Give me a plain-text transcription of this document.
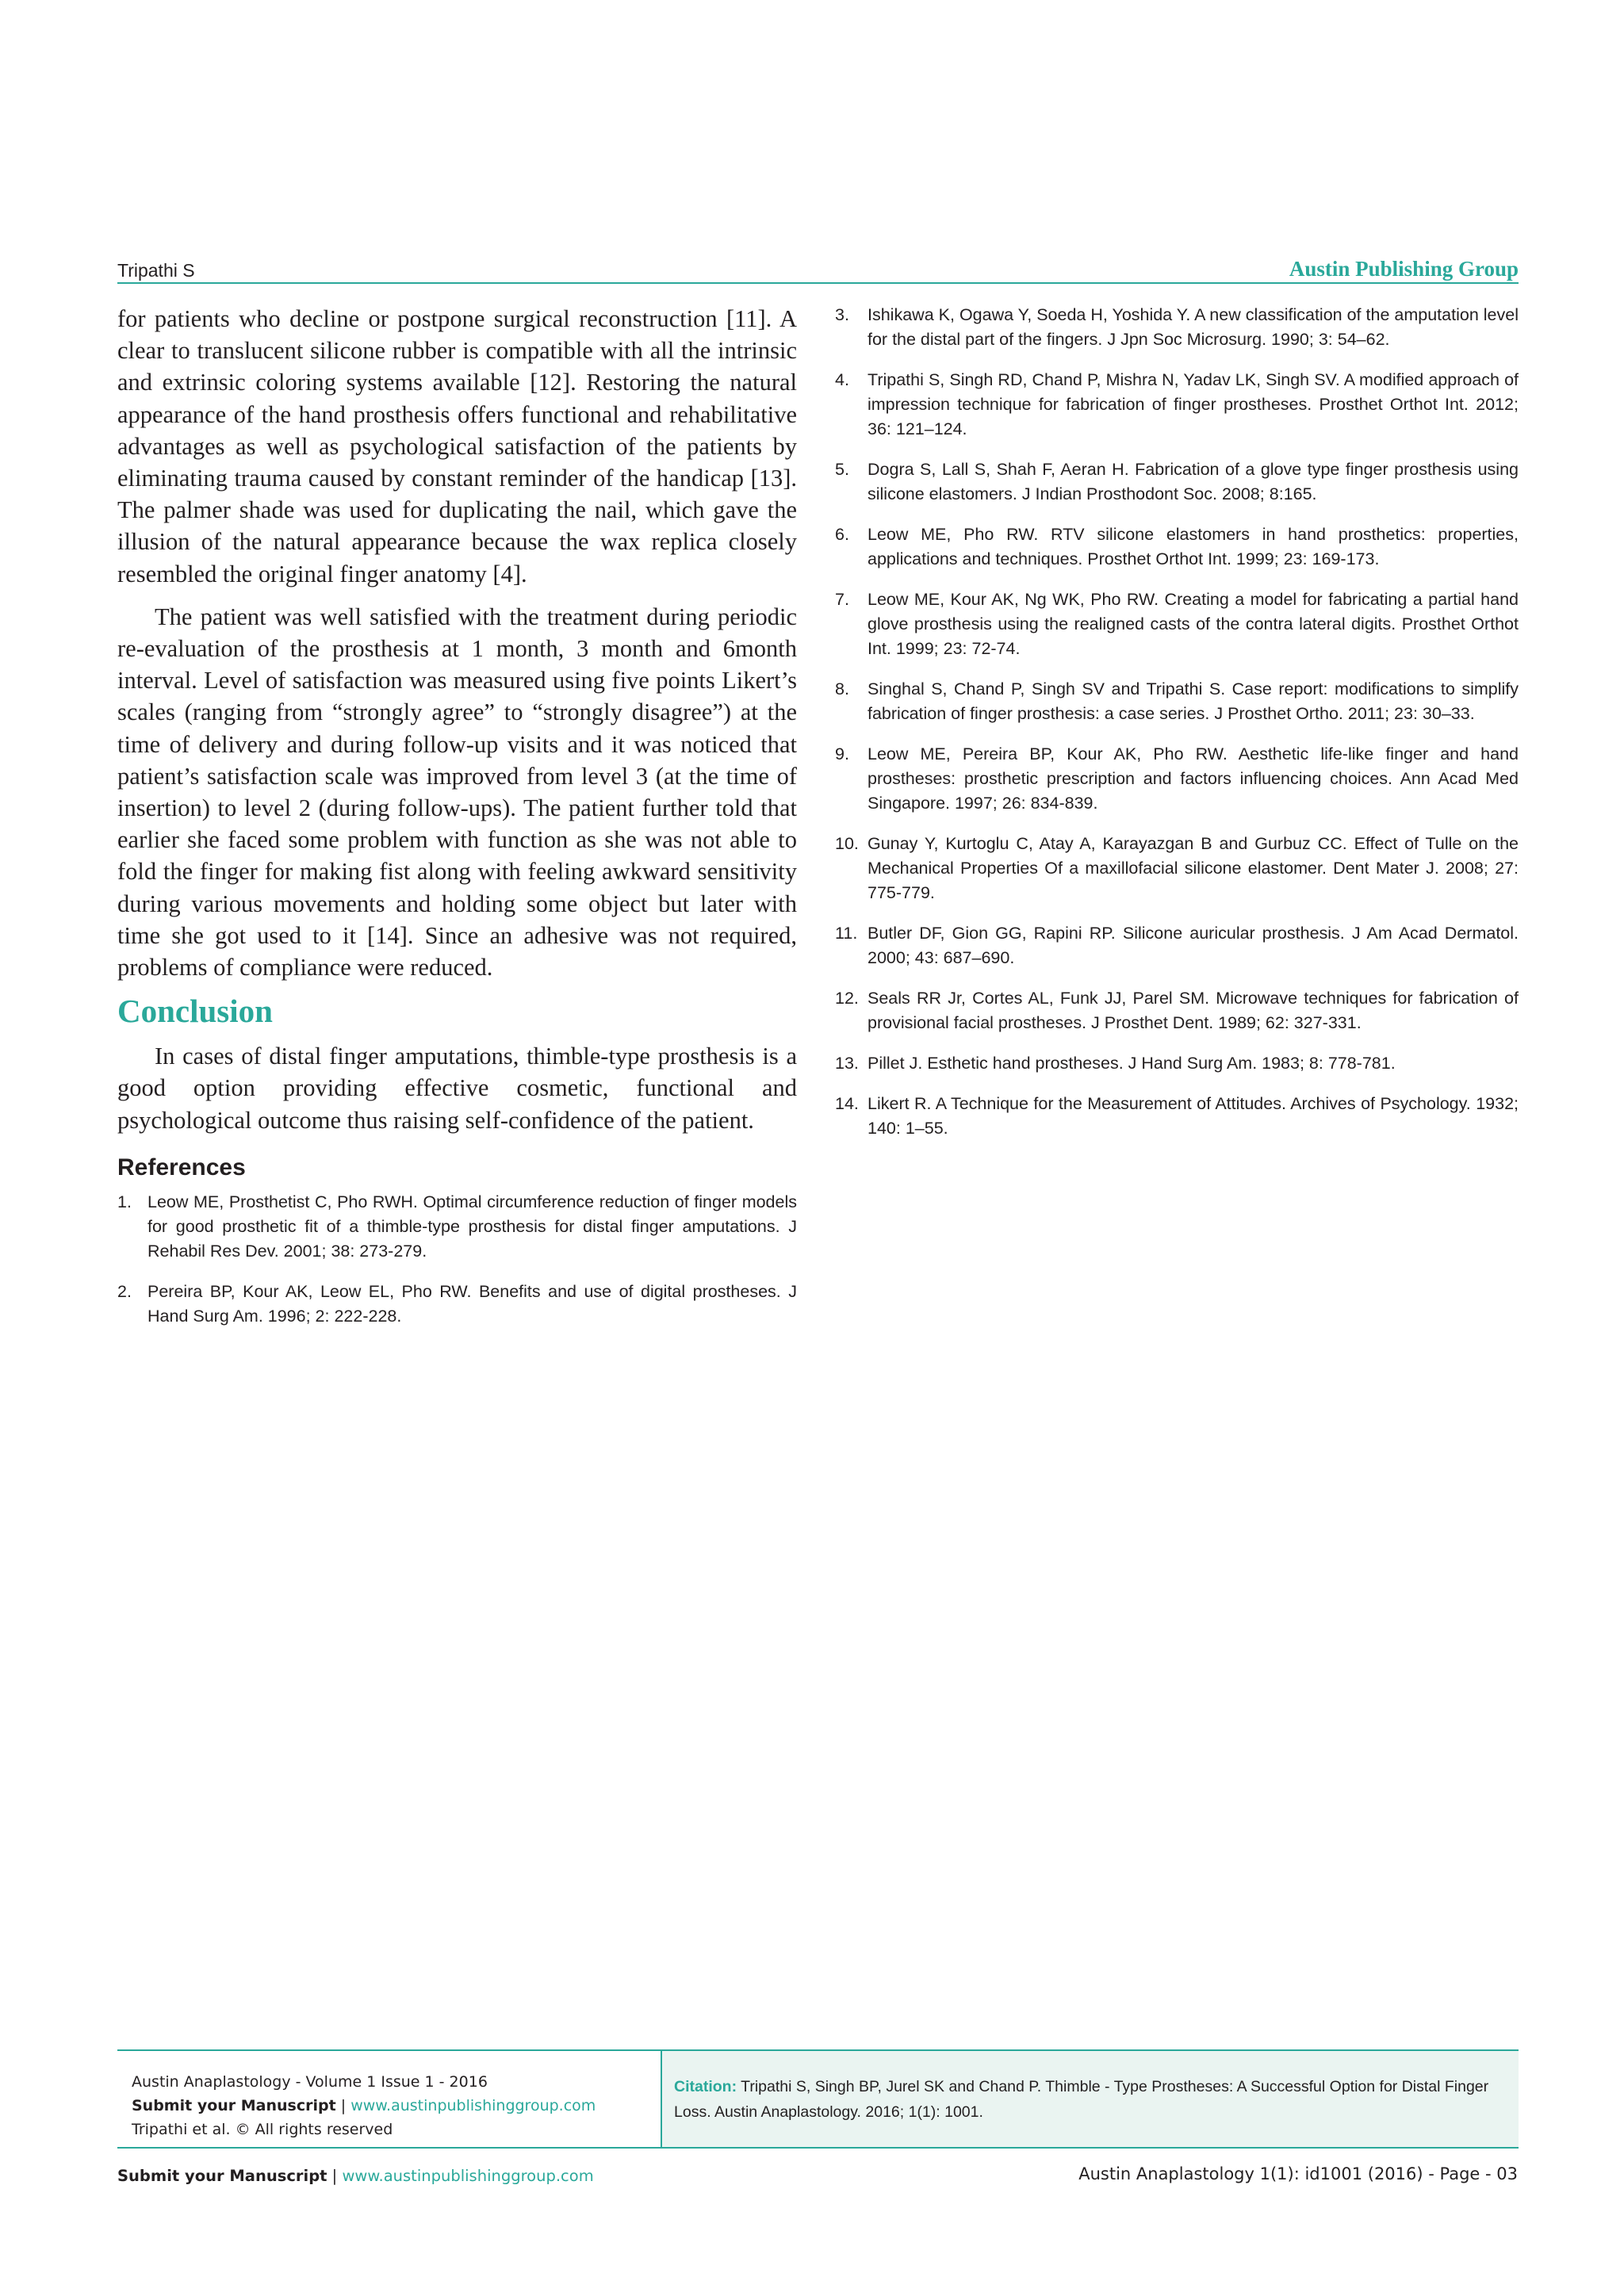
Tripathi S	Austin Publishing Group

for patients who decline or postpone surgical reconstruction [11]. A clear to translucent silicone rubber is compatible with all the intrinsic and extrinsic coloring systems available [12]. Restoring the natural appearance of the hand prosthesis offers functional and rehabilitative advantages as well as psychological satisfaction of the patients by eliminating trauma caused by constant reminder of the handicap [13]. The palmer shade was used for duplicating the nail, which gave the illusion of the natural appearance because the wax replica closely resembled the original finger anatomy [4].

The patient was well satisfied with the treatment during periodic re-evaluation of the prosthesis at 1 month, 3 month and 6month interval. Level of satisfaction was measured using five points Likert’s scales (ranging from “strongly agree” to “strongly disagree”) at the time of delivery and during follow-up visits and it was noticed that patient’s satisfaction scale was improved from level 3 (at the time of insertion) to level 2 (during follow-ups). The patient further told that earlier she faced some problem with function as she was not able to fold the finger for making fist along with feeling awkward sensitivity during various movements and holding some object but later with time she got used to it [14]. Since an adhesive was not required, problems of compliance were reduced.

Conclusion

In cases of distal finger amputations, thimble-type prosthesis is a good option providing effective cosmetic, functional and psychological outcome thus raising self-confidence of the patient.

References
1. Leow ME, Prosthetist C, Pho RWH. Optimal circumference reduction of finger models for good prosthetic fit of a thimble-type prosthesis for distal finger amputations. J Rehabil Res Dev. 2001; 38: 273-279.
2. Pereira BP, Kour AK, Leow EL, Pho RW. Benefits and use of digital prostheses. J Hand Surg Am. 1996; 2: 222-228.
3. Ishikawa K, Ogawa Y, Soeda H, Yoshida Y. A new classification of the amputation level for the distal part of the fingers. J Jpn Soc Microsurg. 1990; 3: 54–62.
4. Tripathi S, Singh RD, Chand P, Mishra N, Yadav LK, Singh SV. A modified approach of impression technique for fabrication of finger prostheses. Prosthet Orthot Int. 2012; 36: 121–124.
5. Dogra S, Lall S, Shah F, Aeran H. Fabrication of a glove type finger prosthesis using silicone elastomers. J Indian Prosthodont Soc. 2008; 8:165.
6. Leow ME, Pho RW. RTV silicone elastomers in hand prosthetics: properties, applications and techniques. Prosthet Orthot Int. 1999; 23: 169-173.
7. Leow ME, Kour AK, Ng WK, Pho RW. Creating a model for fabricating a partial hand glove prosthesis using the realigned casts of the contra lateral digits. Prosthet Orthot Int. 1999; 23: 72-74.
8. Singhal S, Chand P, Singh SV and Tripathi S. Case report: modifications to simplify fabrication of finger prosthesis: a case series. J Prosthet Ortho. 2011; 23: 30–33.
9. Leow ME, Pereira BP, Kour AK, Pho RW. Aesthetic life-like finger and hand prostheses: prosthetic prescription and factors influencing choices. Ann Acad Med Singapore. 1997; 26: 834-839.
10. Gunay Y, Kurtoglu C, Atay A, Karayazgan B and Gurbuz CC. Effect of Tulle on the Mechanical Properties Of a maxillofacial silicone elastomer. Dent Mater J. 2008; 27: 775-779.
11. Butler DF, Gion GG, Rapini RP. Silicone auricular prosthesis. J Am Acad Dermatol. 2000; 43: 687–690.
12. Seals RR Jr, Cortes AL, Funk JJ, Parel SM. Microwave techniques for fabrication of provisional facial prostheses. J Prosthet Dent. 1989; 62: 327-331.
13. Pillet J. Esthetic hand prostheses. J Hand Surg Am. 1983; 8: 778-781.
14. Likert R. A Technique for the Measurement of Attitudes. Archives of Psychology. 1932; 140: 1–55.
Austin Anaplastology - Volume 1 Issue 1 - 2016
Submit your Manuscript | www.austinpublishinggroup.com
Tripathi et al. © All rights reserved
Citation: Tripathi S, Singh BP, Jurel SK and Chand P. Thimble - Type Prostheses: A Successful Option for Distal Finger Loss. Austin Anaplastology. 2016; 1(1): 1001.
Submit your Manuscript | www.austinpublishinggroup.com	Austin Anaplastology 1(1): id1001 (2016) - Page - 03
